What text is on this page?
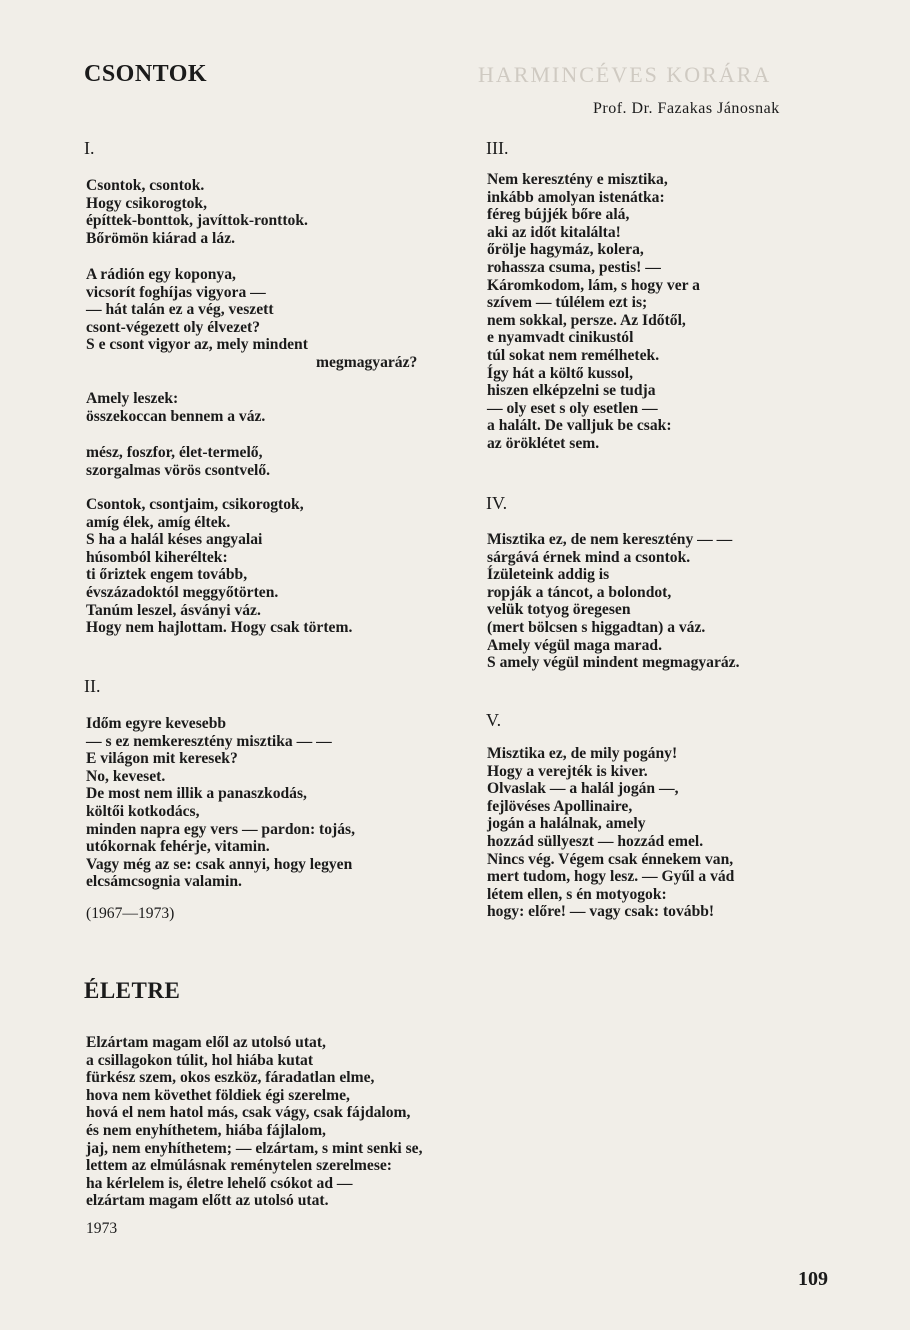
HARMINCÉVES KORÁRA
CSONTOK
Prof. Dr. Fazakas Jánosnak
I.
Csontok, csontok.
Hogy csikorogtok,
építtek-bonttok, javíttok-ronttok.
Bőrömön kiárad a láz.
A rádión egy koponya,
vicsorít foghíjas vigyora —
— hát talán ez a vég, veszett
csont-végezett oly élvezet?
S e csont vigyor az, mely mindent
megmagyaráz?
Amely leszek:
összekoccan bennem a váz.
mész, foszfor, élet-termelő,
szorgalmas vörös csontvelő.
Csontok, csontjaim, csikorogtok,
amíg élek, amíg éltek.
S ha a halál késes angyalai
húsomból kiheréltek:
ti őriztek engem tovább,
évszázadoktól meggyőtörten.
Tanúm leszel, ásványi váz.
Hogy nem hajlottam. Hogy csak törtem.
II.
Időm egyre kevesebb
— s ez nemkeresztény misztika — —
E világon mit keresek?
No, keveset.
De most nem illik a panaszkodás,
költői kotkodács,
minden napra egy vers — pardon: tojás,
utókornak fehérje, vitamin.
Vagy még az se: csak annyi, hogy legyen
elcsámcsognia valamin.
(1967—1973)
III.
Nem keresztény e misztika,
inkább amolyan istenátka:
féreg bújjék bőre alá,
aki az időt kitalálta!
őrölje hagymáz, kolera,
rohassza csuma, pestis! —
Káromkodom, lám, s hogy ver a
szívem — túlélem ezt is;
nem sokkal, persze. Az Időtől,
e nyamvadt cinikustól
túl sokat nem remélhetek.
Így hát a költő kussol,
hiszen elképzelni se tudja
— oly eset s oly esetlen —
a halált. De valljuk be csak:
az öröklétet sem.
IV.
Misztika ez, de nem keresztény — —
sárgává érnek mind a csontok.
Ízületeink addig is
ropják a táncot, a bolondot,
velük totyog öregesen
(mert bölcsen s higgadtan) a váz.
Amely végül maga marad.
S amely végül mindent megmagyaráz.
V.
Misztika ez, de mily pogány!
Hogy a verejték is kiver.
Olvaslak — a halál jogán —,
fejlövéses Apollinaire,
jogán a halálnak, amely
hozzád süllyeszt — hozzád emel.
Nincs vég. Végem csak énnekem van,
mert tudom, hogy lesz. — Gyűl a vád
létem ellen, s én motyogok:
hogy: előre! — vagy csak: tovább!
ÉLETRE
Elzártam magam elől az utolsó utat,
a csillagokon túlit, hol hiába kutat
fürkész szem, okos eszköz, fáradatlan elme,
hova nem követhet földiek égi szerelme,
hová el nem hatol más, csak vágy, csak fájdalom,
és nem enyhíthetem, hiába fájlalom,
jaj, nem enyhíthetem; — elzártam, s mint senki se,
lettem az elmúlásnak reménytelen szerelmese:
ha kérlelem is, életre lehelő csókot ad —
elzártam magam előtt az utolsó utat.
1973
109
